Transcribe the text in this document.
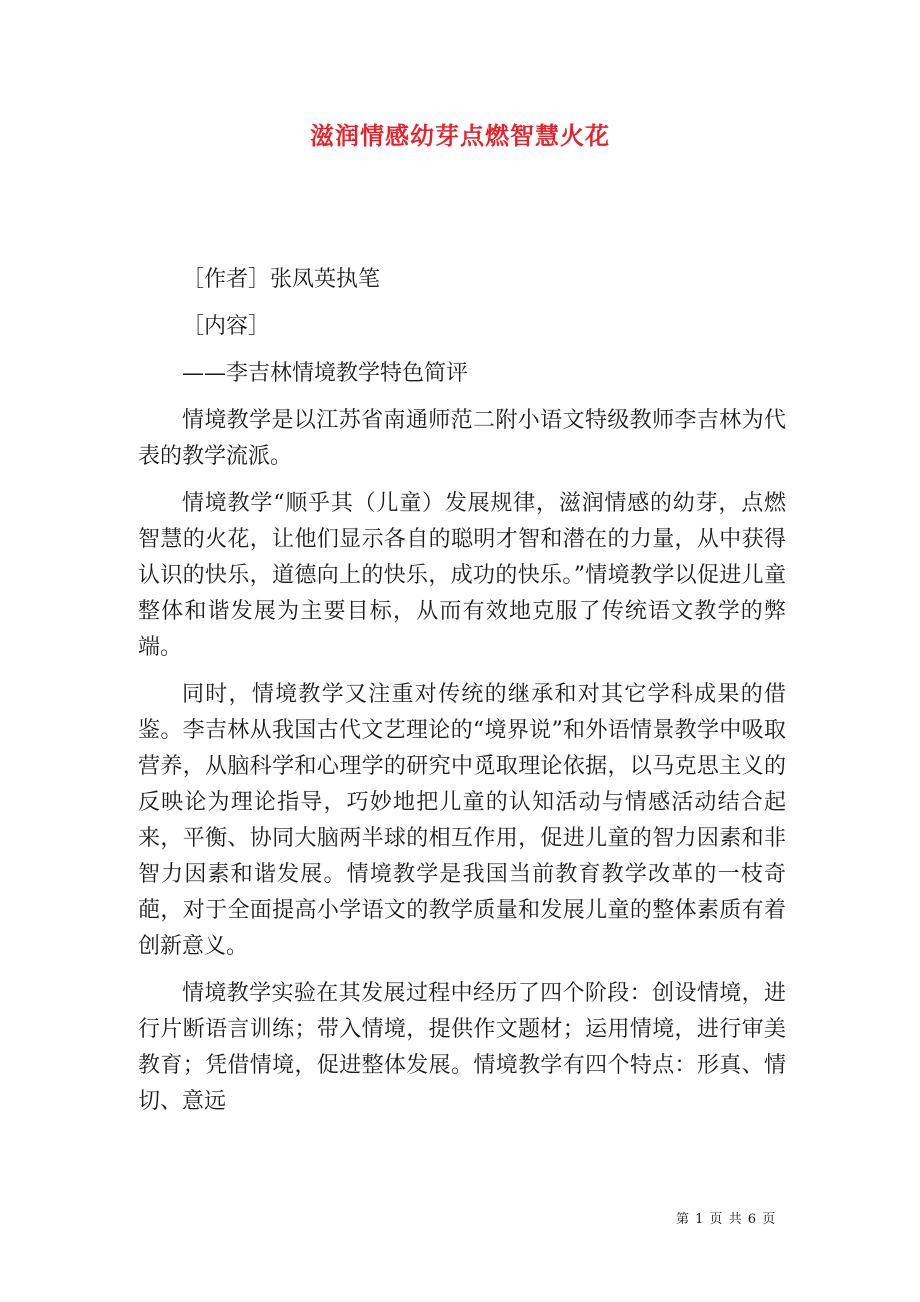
滋润情感幼芽点燃智慧火花

［作者］张凤英执笔

［内容］

——李吉林情境教学特色简评

情境教学是以江苏省南通师范二附小语文特级教师李吉林为代表的教学流派。

情境教学“顺乎其（儿童）发展规律，滋润情感的幼芽，点燃智慧的火花，让他们显示各自的聪明才智和潜在的力量，从中获得认识的快乐，道德向上的快乐，成功的快乐。”情境教学以促进儿童整体和谐发展为主要目标，从而有效地克服了传统语文教学的弊端。

同时，情境教学又注重对传统的继承和对其它学科成果的借鉴。李吉林从我国古代文艺理论的“境界说”和外语情景教学中吸取营养，从脑科学和心理学的研究中觅取理论依据，以马克思主义的反映论为理论指导，巧妙地把儿童的认知活动与情感活动结合起来，平衡、协同大脑两半球的相互作用，促进儿童的智力因素和非智力因素和谐发展。情境教学是我国当前教育教学改革的一枝奇葩，对于全面提高小学语文的教学质量和发展儿童的整体素质有着创新意义。

情境教学实验在其发展过程中经历了四个阶段：创设情境，进行片断语言训练；带入情境，提供作文题材；运用情境，进行审美教育；凭借情境，促进整体发展。情境教学有四个特点：形真、情切、意远

第 1 页 共 6 页
